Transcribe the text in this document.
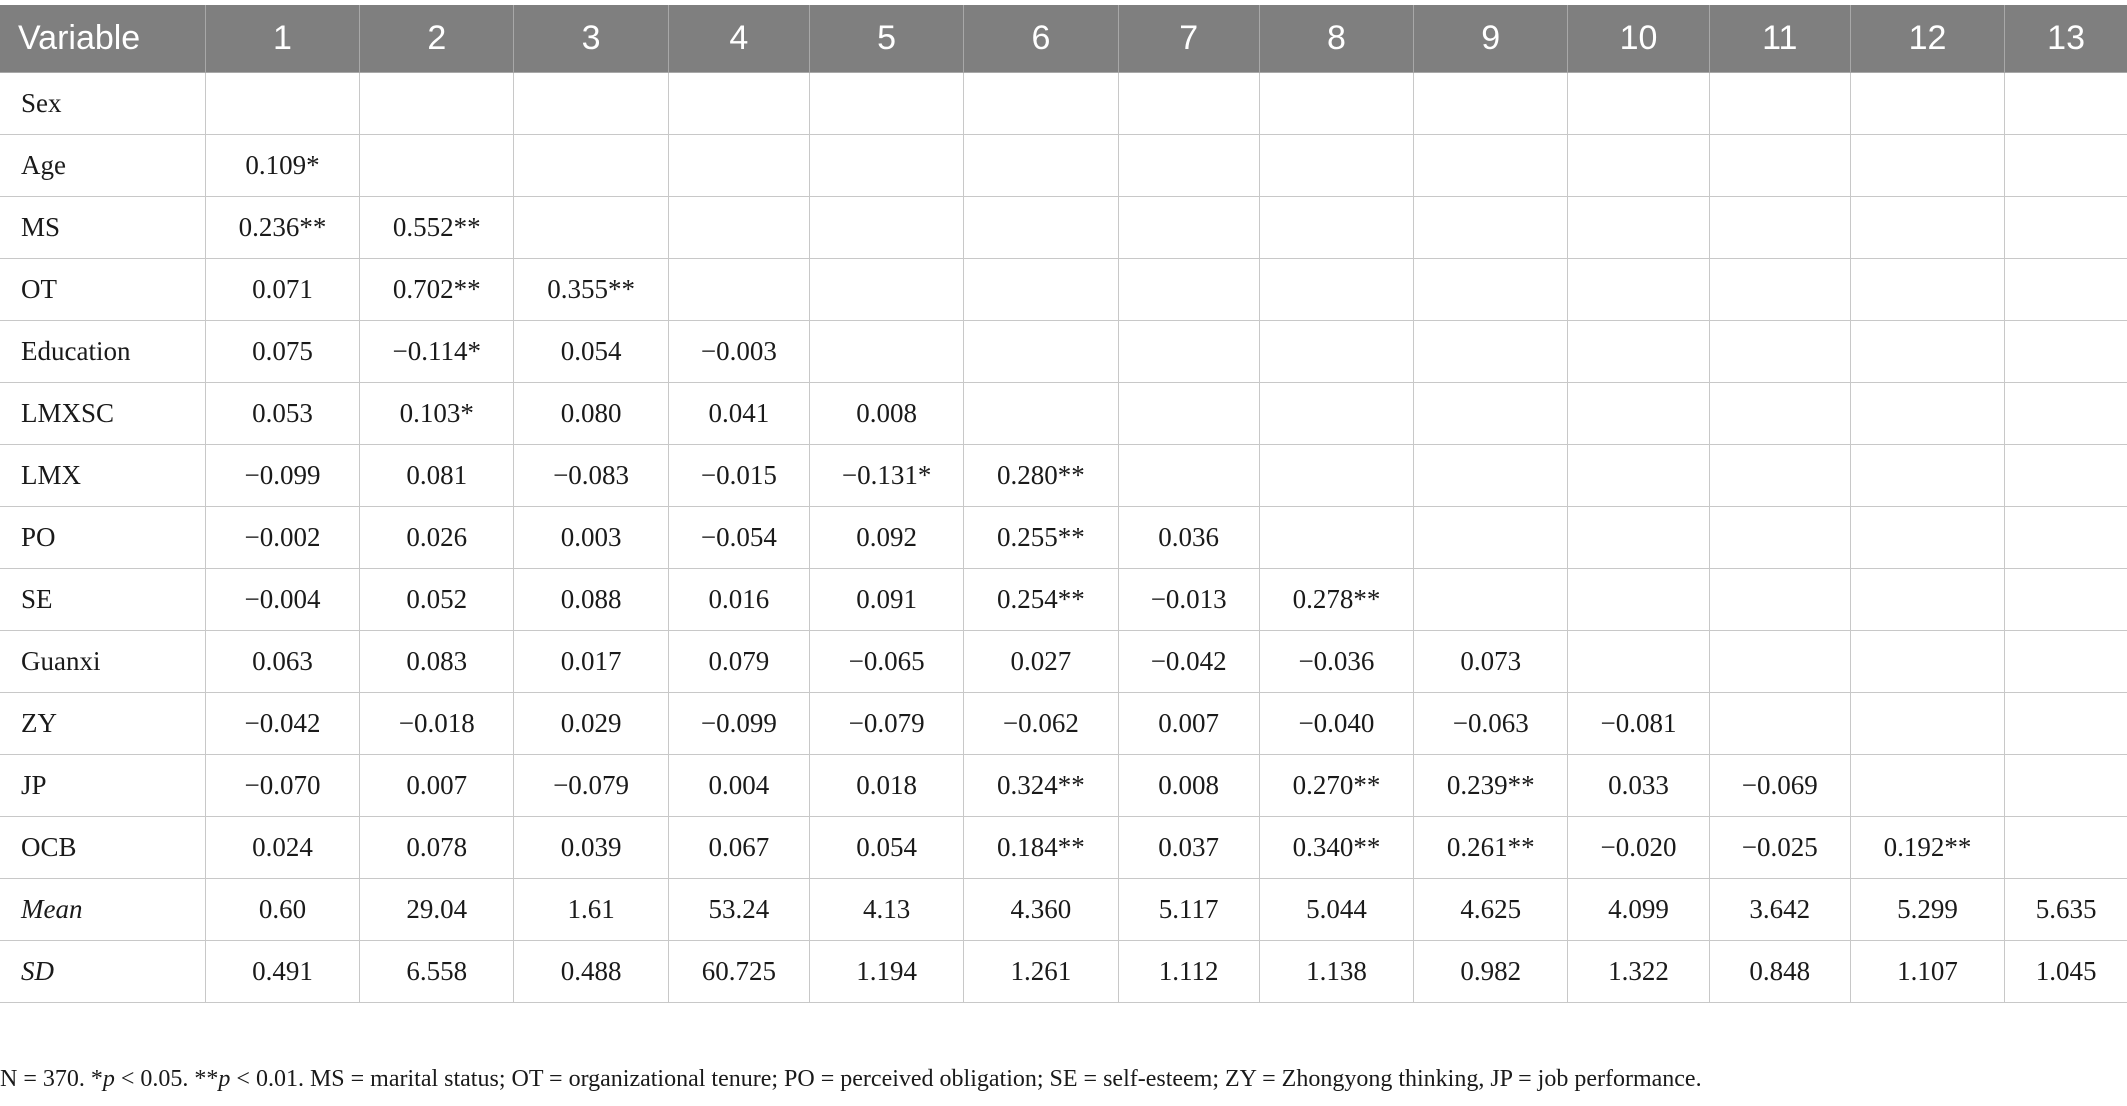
Variable	1	2	3	4	5	6	7	8	9	10	11	12	13
Sex													
Age	0.109*												
MS	0.236**	0.552**											
OT	0.071	0.702**	0.355**										
Education	0.075	−0.114*	0.054	−0.003									
LMXSC	0.053	0.103*	0.080	0.041	0.008								
LMX	−0.099	0.081	−0.083	−0.015	−0.131*	0.280**							
PO	−0.002	0.026	0.003	−0.054	0.092	0.255**	0.036						
SE	−0.004	0.052	0.088	0.016	0.091	0.254**	−0.013	0.278**					
Guanxi	0.063	0.083	0.017	0.079	−0.065	0.027	−0.042	−0.036	0.073				
ZY	−0.042	−0.018	0.029	−0.099	−0.079	−0.062	0.007	−0.040	−0.063	−0.081			
JP	−0.070	0.007	−0.079	0.004	0.018	0.324**	0.008	0.270**	0.239**	0.033	−0.069		
OCB	0.024	0.078	0.039	0.067	0.054	0.184**	0.037	0.340**	0.261**	−0.020	−0.025	0.192**	
Mean	0.60	29.04	1.61	53.24	4.13	4.360	5.117	5.044	4.625	4.099	3.642	5.299	5.635
SD	0.491	6.558	0.488	60.725	1.194	1.261	1.112	1.138	0.982	1.322	0.848	1.107	1.045
N = 370. *p < 0.05. **p < 0.01. MS = marital status; OT = organizational tenure; PO = perceived obligation; SE = self-esteem; ZY = Zhongyong thinking, JP = job performance.
